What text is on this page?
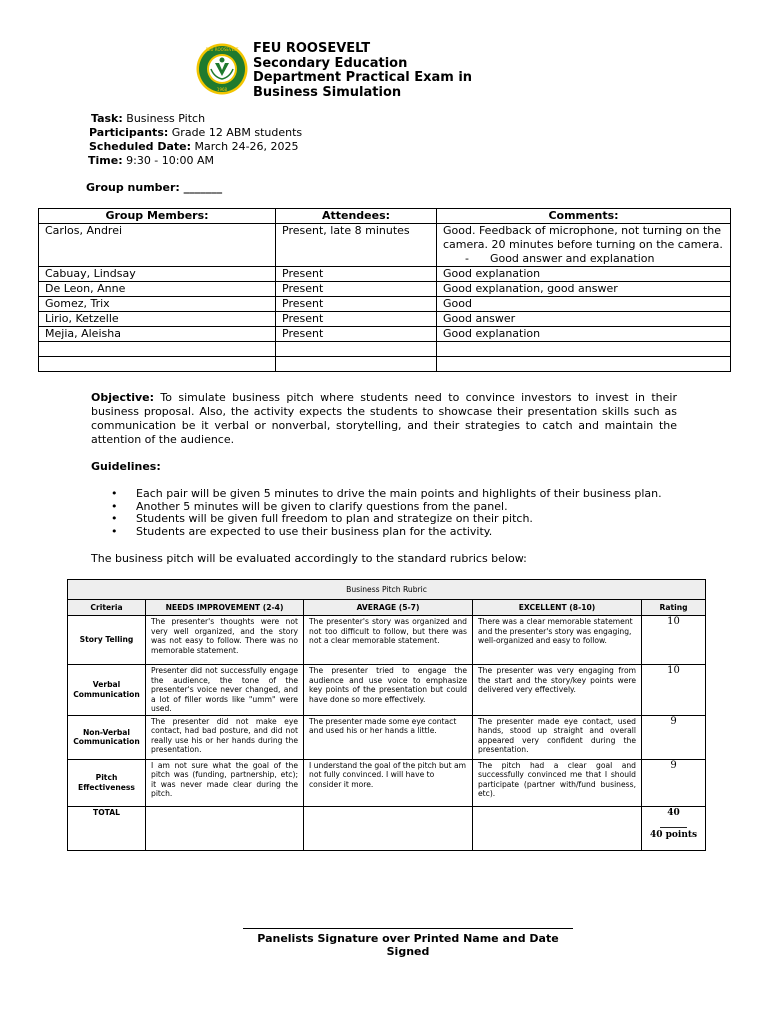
FEU ROOSEVELT
1968
FEU ROOSEVELT
Secondary Education
Department Practical Exam in
Business Simulation
Task: Business Pitch
Participants: Grade 12 ABM students
Scheduled Date: March 24-26, 2025
Time: 9:30 - 10:00 AM
Group number: _______
Group Members:	Attendees:	Comments:
Carlos, Andrei	Present, late 8 minutes	Good. Feedback of microphone, not turning on the camera. 20 minutes before turning on the camera.
-      Good answer and explanation

Cabuay, Lindsay	Present	Good explanation
De Leon, Anne	Present	Good explanation, good answer
Gomez, Trix	Present	Good
Lirio, Ketzelle	Present	Good answer
Mejia, Aleisha	Present	Good explanation

Objective: To simulate business pitch where students need to convince investors to invest in their business proposal. Also, the activity expects the students to showcase their presentation skills such as communication be it verbal or nonverbal, storytelling, and their strategies to catch and maintain the attention of the audience.
Guidelines:
• Each pair will be given 5 minutes to drive the main points and highlights of their business plan.
• Another 5 minutes will be given to clarify questions from the panel.
• Students will be given full freedom to plan and strategize on their pitch.
• Students are expected to use their business plan for the activity.
The business pitch will be evaluated accordingly to the standard rubrics below:
Business Pitch Rubric				
Criteria	NEEDS IMPROVEMENT (2-4)	AVERAGE (5-7)	EXCELLENT (8-10)	Rating
Story Telling	The presenter's thoughts were not very well organized, and the story was not easy to follow. There was no memorable statement.	The presenter's story was organized and not too difficult to follow, but there was not a clear memorable statement.	There was a clear memorable statement and the presenter's story was engaging, well-organized and easy to follow.	10
Verbal Communication	Presenter did not successfully engage the audience, the tone of the presenter's voice never changed, and a lot of filler words like "umm" were used.	The presenter tried to engage the audience and use voice to emphasize key points of the presentation but could have done so more effectively.	The presenter was very engaging from the start and the story/key points were delivered very effectively.	10
Non-Verbal Communication	The presenter did not make eye contact, had bad posture, and did not really use his or her hands during the presentation.	The presenter made some eye contact and used his or her hands a little.	The presenter made eye contact, used hands, stood up straight and overall appeared very confident during the presentation.	9
Pitch Effectiveness	I am not sure what the goal of the pitch was (funding, partnership, etc); it was never made clear during the pitch.	I understand the goal of the pitch but am not fully convinced. I will have to consider it more.	The pitch had a clear goal and successfully convinced me that I should participate (partner with/fund business, etc).	9
TOTAL				40
______
40 points
Panelists Signature over Printed Name and Date Signed
